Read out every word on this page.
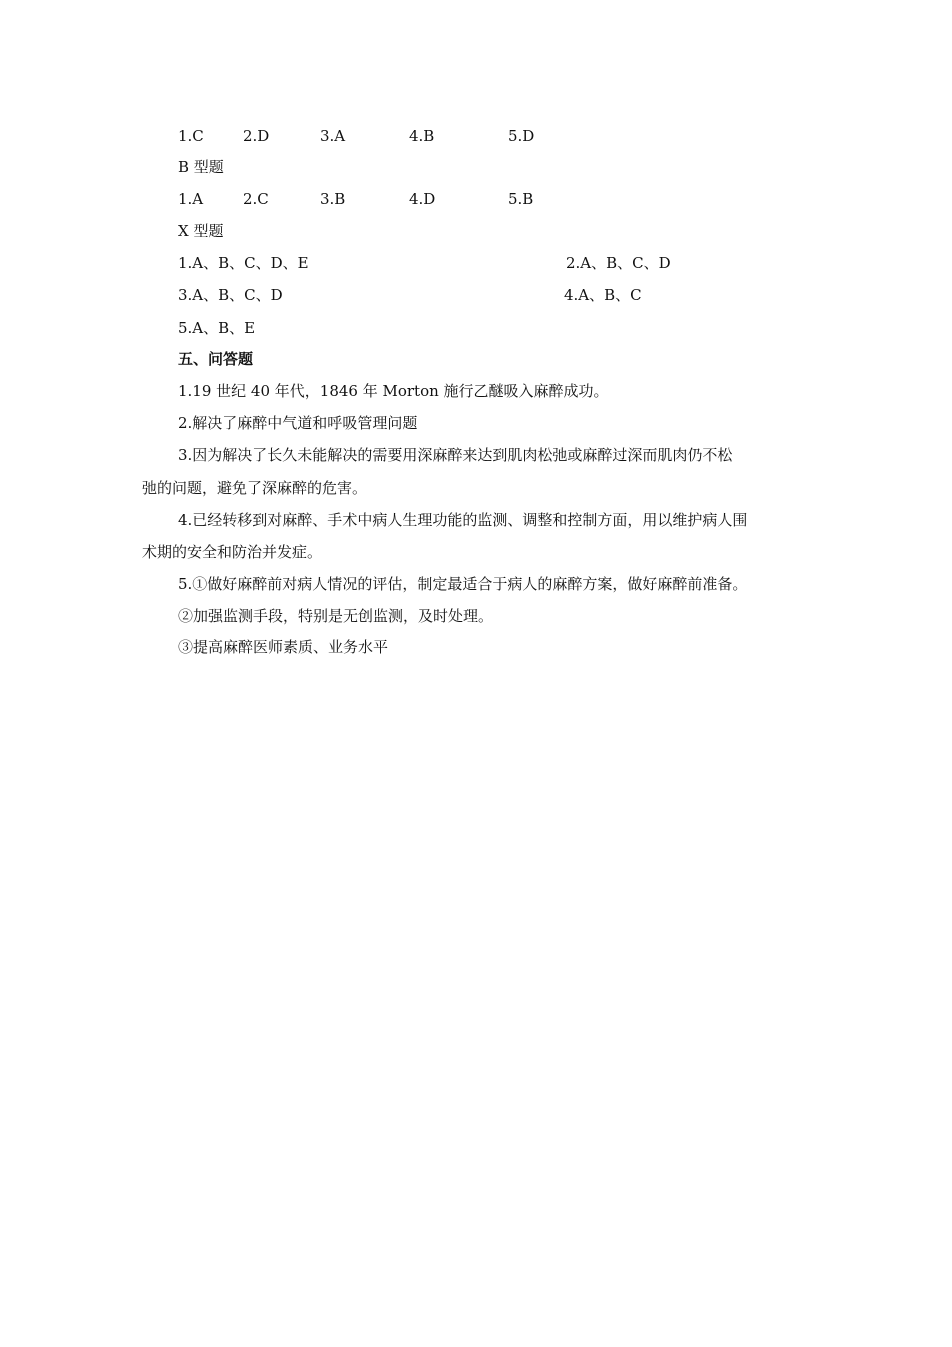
1.C	2.D	3.A	4.B	5.D
B 型题
1.A	2.C	3.B	4.D	5.B
X 型题
1.A、B、C、D、E	2.A、B、C、D
3.A、B、C、D	4.A、B、C
5.A、B、E
五、问答题
1.19 世纪 40 年代，1846 年 Morton 施行乙醚吸入麻醉成功。
2.解决了麻醉中气道和呼吸管理问题
3.因为解决了长久未能解决的需要用深麻醉来达到肌肉松弛或麻醉过深而肌肉仍不松
弛的问题，避免了深麻醉的危害。
4.已经转移到对麻醉、手术中病人生理功能的监测、调整和控制方面，用以维护病人围
术期的安全和防治并发症。
5.①做好麻醉前对病人情况的评估，制定最适合于病人的麻醉方案，做好麻醉前准备。
②加强监测手段，特别是无创监测，及时处理。
③提高麻醉医师素质、业务水平
